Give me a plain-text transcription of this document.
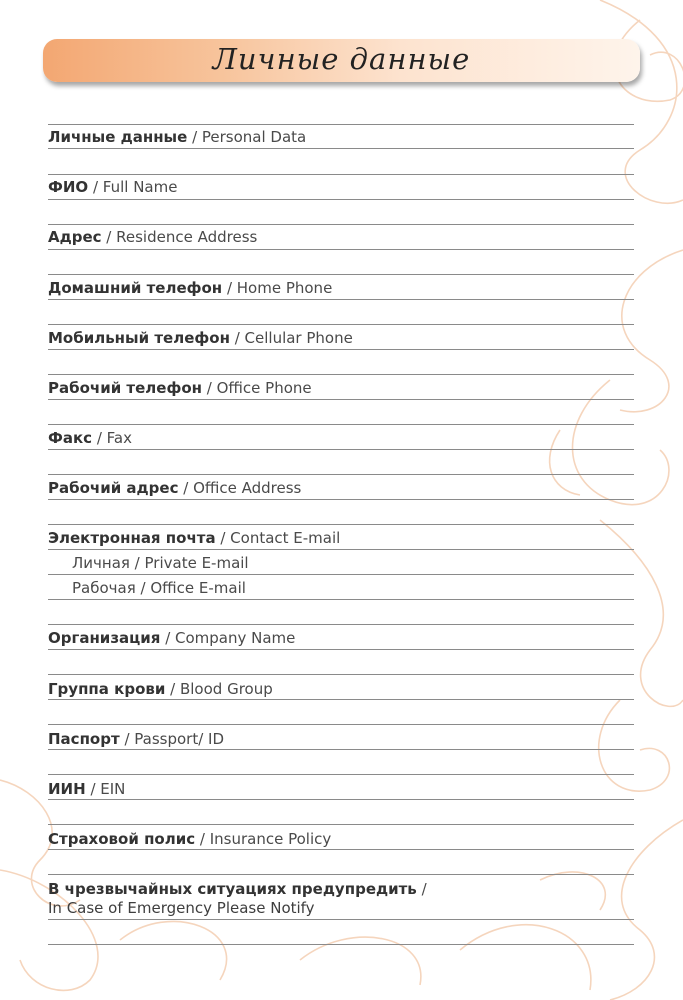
Личные данные
Личные данные / Personal Data
ФИО / Full Name
Адрес / Residence Address
Домашний телефон / Home Phone
Мобильный телефон / Cellular Phone
Рабочий телефон / Office Phone
Факс / Fax
Рабочий адрес / Office Address
Электронная почта / Contact E-mail
Личная / Private E-mail
Рабочая / Office E-mail
Организация / Company Name
Группа крови / Blood Group
Паспорт / Passport/ ID
ИИН / EIN
Страховой полис / Insurance Policy
В чрезвычайных ситуациях предупредить /
In Case of Emergency Please Notify
